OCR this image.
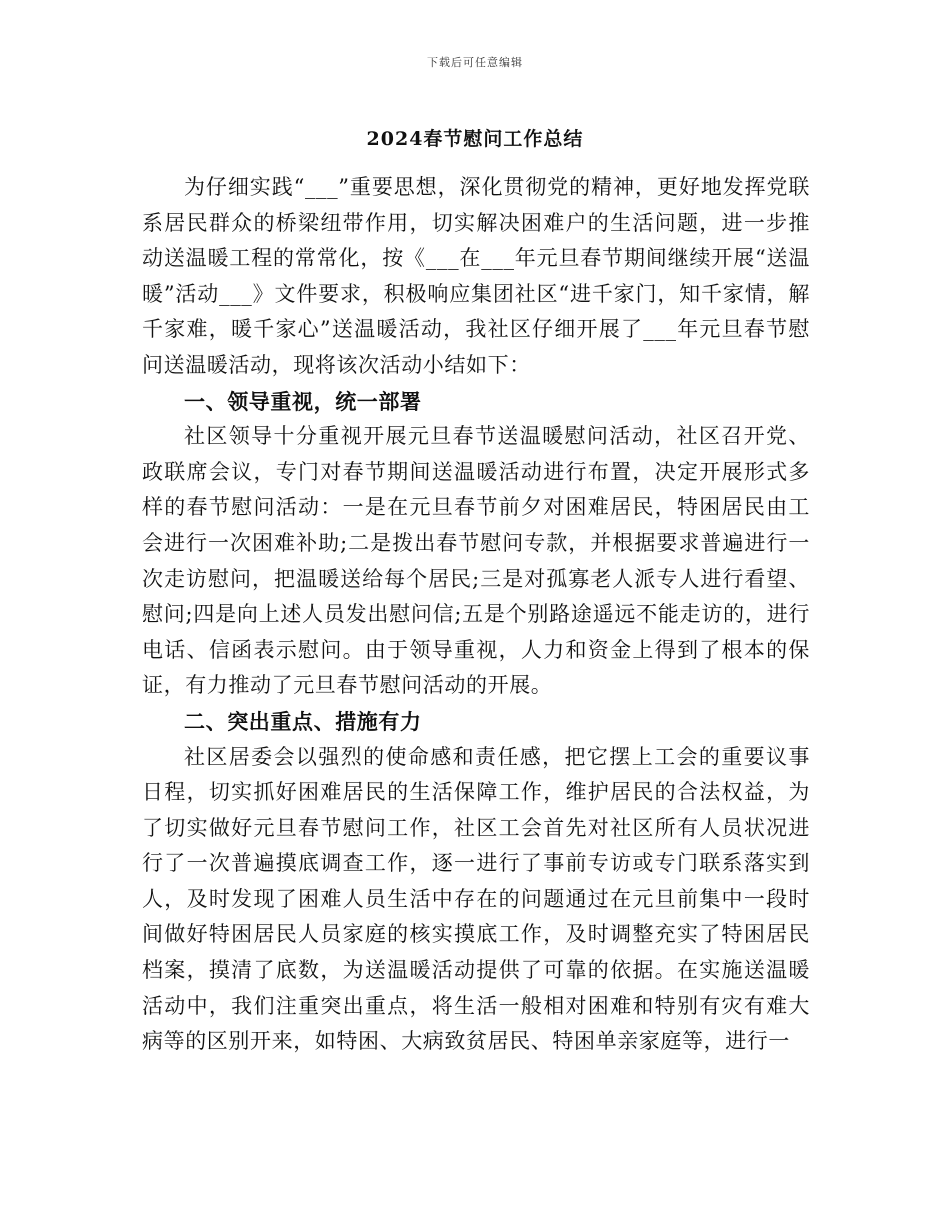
下载后可任意编辑
2024春节慰问工作总结

为仔细实践“___”重要思想，深化贯彻党的精神，更好地发挥党联系居民群众的桥梁纽带作用，切实解决困难户的生活问题，进一步推动送温暖工程的常常化，按《___在___年元旦春节期间继续开展“送温暖”活动___》文件要求，积极响应集团社区“进千家门，知千家情，解千家难，暖千家心”送温暖活动，我社区仔细开展了___年元旦春节慰问送温暖活动，现将该次活动小结如下：

一、领导重视，统一部署

社区领导十分重视开展元旦春节送温暖慰问活动，社区召开党、政联席会议，专门对春节期间送温暖活动进行布置，决定开展形式多样的春节慰问活动：一是在元旦春节前夕对困难居民，特困居民由工会进行一次困难补助;二是拨出春节慰问专款，并根据要求普遍进行一次走访慰问，把温暖送给每个居民;三是对孤寡老人派专人进行看望、慰问;四是向上述人员发出慰问信;五是个别路途遥远不能走访的，进行电话、信函表示慰问。由于领导重视，人力和资金上得到了根本的保证，有力推动了元旦春节慰问活动的开展。

二、突出重点、措施有力

社区居委会以强烈的使命感和责任感，把它摆上工会的重要议事日程，切实抓好困难居民的生活保障工作，维护居民的合法权益，为了切实做好元旦春节慰问工作，社区工会首先对社区所有人员状况进行了一次普遍摸底调查工作，逐一进行了事前专访或专门联系落实到人，及时发现了困难人员生活中存在的问题通过在元旦前集中一段时间做好特困居民人员家庭的核实摸底工作，及时调整充实了特困居民档案，摸清了底数，为送温暖活动提供了可靠的依据。在实施送温暖活动中，我们注重突出重点，将生活一般相对困难和特别有灾有难大病等的区别开来，如特困、大病致贫居民、特困单亲家庭等，进行一
